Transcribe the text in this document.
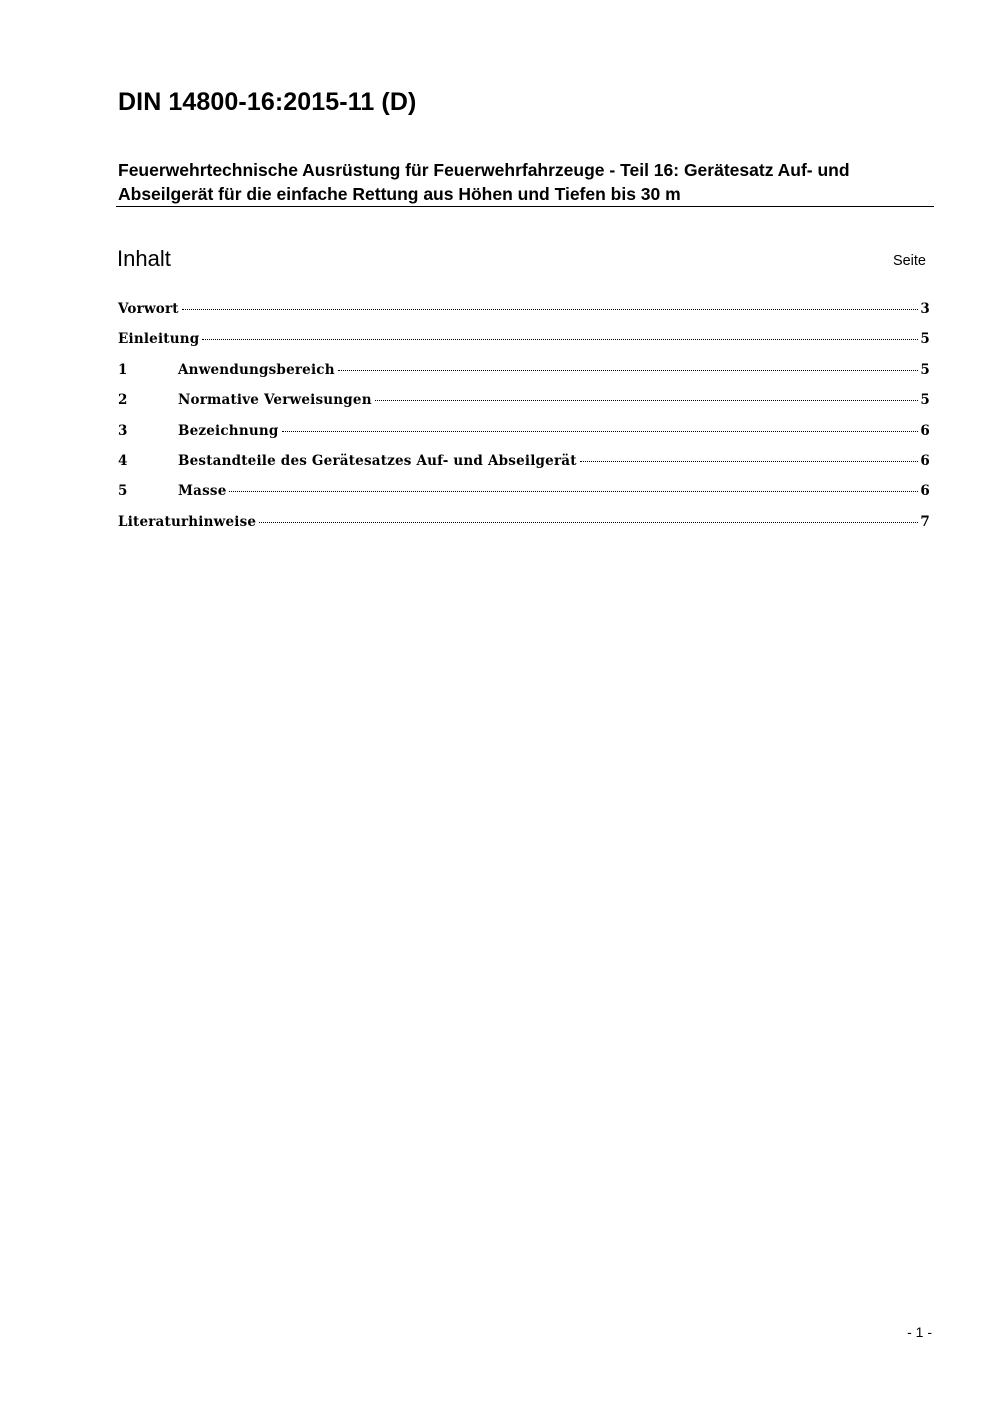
DIN 14800-16:2015-11 (D)
Feuerwehrtechnische Ausrüstung für Feuerwehrfahrzeuge - Teil 16: Gerätesatz Auf- und Abseilgerät für die einfache Rettung aus Höhen und Tiefen bis 30 m
Inhalt	Seite
Vorwort	3
Einleitung	5
1	Anwendungsbereich	5
2	Normative Verweisungen	5
3	Bezeichnung	6
4	Bestandteile des Gerätesatzes Auf- und Abseilgerät	6
5	Masse	6
Literaturhinweise	7
- 1 -
